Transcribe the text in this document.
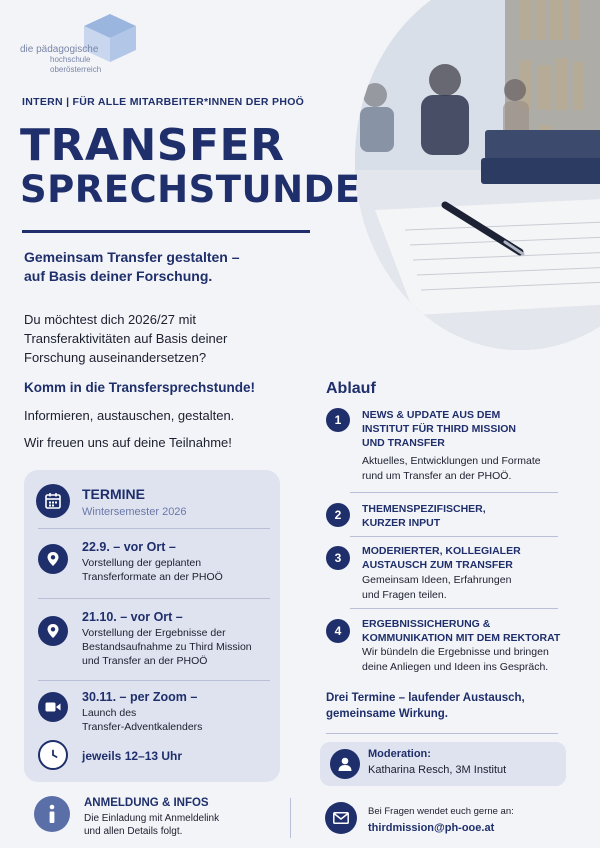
die pädagogische
hochschule
oberösterreich
INTERN | FÜR ALLE MITARBEITER*INNEN DER PHOÖ
TRANSFER
SPRECHSTUNDE
Gemeinsam Transfer gestalten –
auf Basis deiner Forschung.
Du möchtest dich 2026/27 mit
Transferaktivitäten auf Basis deiner
Forschung auseinandersetzen?
Komm in die Transfersprechstunde!
Informieren, austauschen, gestalten.
Wir freuen uns auf deine Teilnahme!
TERMINE
Wintersemester 2026
22.9. – vor Ort –
Vorstellung der geplanten
Transferformate an der PHOÖ
21.10. – vor Ort –
Vorstellung der Ergebnisse der
Bestandsaufnahme zu Third Mission
und Transfer an der PHOÖ
30.11. – per Zoom –
Launch des
Transfer-Adventkalenders
jeweils 12–13 Uhr
Ablauf
1	NEWS & UPDATE AUS DEM
INSTITUT FÜR THIRD MISSION
UND TRANSFER
Aktuelles, Entwicklungen und Formate
rund um Transfer an der PHOÖ.
2	THEMENSPEZIFISCHER,
KURZER INPUT
3	MODERIERTER, KOLLEGIALER
AUSTAUSCH ZUM TRANSFER
Gemeinsam Ideen, Erfahrungen
und Fragen teilen.
4	ERGEBNISSICHERUNG &
KOMMUNIKATION MIT DEM REKTORAT
Wir bündeln die Ergebnisse und bringen
deine Anliegen und Ideen ins Gespräch.
Drei Termine – laufender Austausch,
gemeinsame Wirkung.
Moderation:
Katharina Resch, 3M Institut
ANMELDUNG & INFOS
Die Einladung mit Anmeldelink
und allen Details folgt.
Bei Fragen wendet euch gerne an:
thirdmission@ph-ooe.at
